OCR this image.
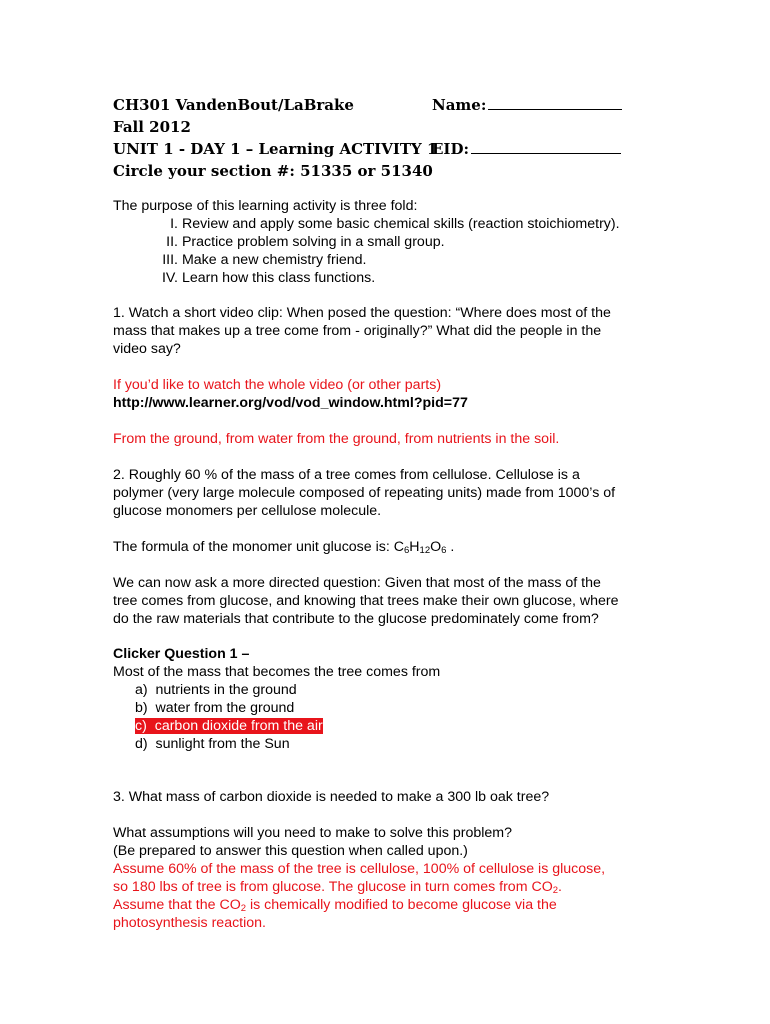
CH301 VandenBout/LaBrake	Name:
Fall 2012
UNIT 1 - DAY 1 – Learning ACTIVITY 1
EID:
Circle your section #: 51335 or 51340
The purpose of this learning activity is three fold:
I. Review and apply some basic chemical skills (reaction stoichiometry).
II. Practice problem solving in a small group.
III. Make a new chemistry friend.
IV. Learn how this class functions.
1. Watch a short video clip: When posed the question: “Where does most of the
mass that makes up a tree come from - originally?” What did the people in the
video say?
If you’d like to watch the whole video (or other parts)
http://www.learner.org/vod/vod_window.html?pid=77
From the ground, from water from the ground, from nutrients in the soil.
2. Roughly 60 % of the mass of a tree comes from cellulose. Cellulose is a
polymer (very large molecule composed of repeating units) made from 1000’s of
glucose monomers per cellulose molecule.
The formula of the monomer unit glucose is: $C_6H_{12}O_6$ .
We can now ask a more directed question: Given that most of the mass of the
tree comes from glucose, and knowing that trees make their own glucose, where
do the raw materials that contribute to the glucose predominately come from?
Clicker Question 1 –
Most of the mass that becomes the tree comes from
a) nutrients in the ground
b) water from the ground
c) carbon dioxide from the air
d) sunlight from the Sun
3. What mass of carbon dioxide is needed to make a 300 lb oak tree?
What assumptions will you need to make to solve this problem?
(Be prepared to answer this question when called upon.)
Assume 60% of the mass of the tree is cellulose, 100% of cellulose is glucose,
so 180 lbs of tree is from glucose. The glucose in turn comes from $CO_2$.
Assume that the $CO_2$ is chemically modified to become glucose via the
photosynthesis reaction.
